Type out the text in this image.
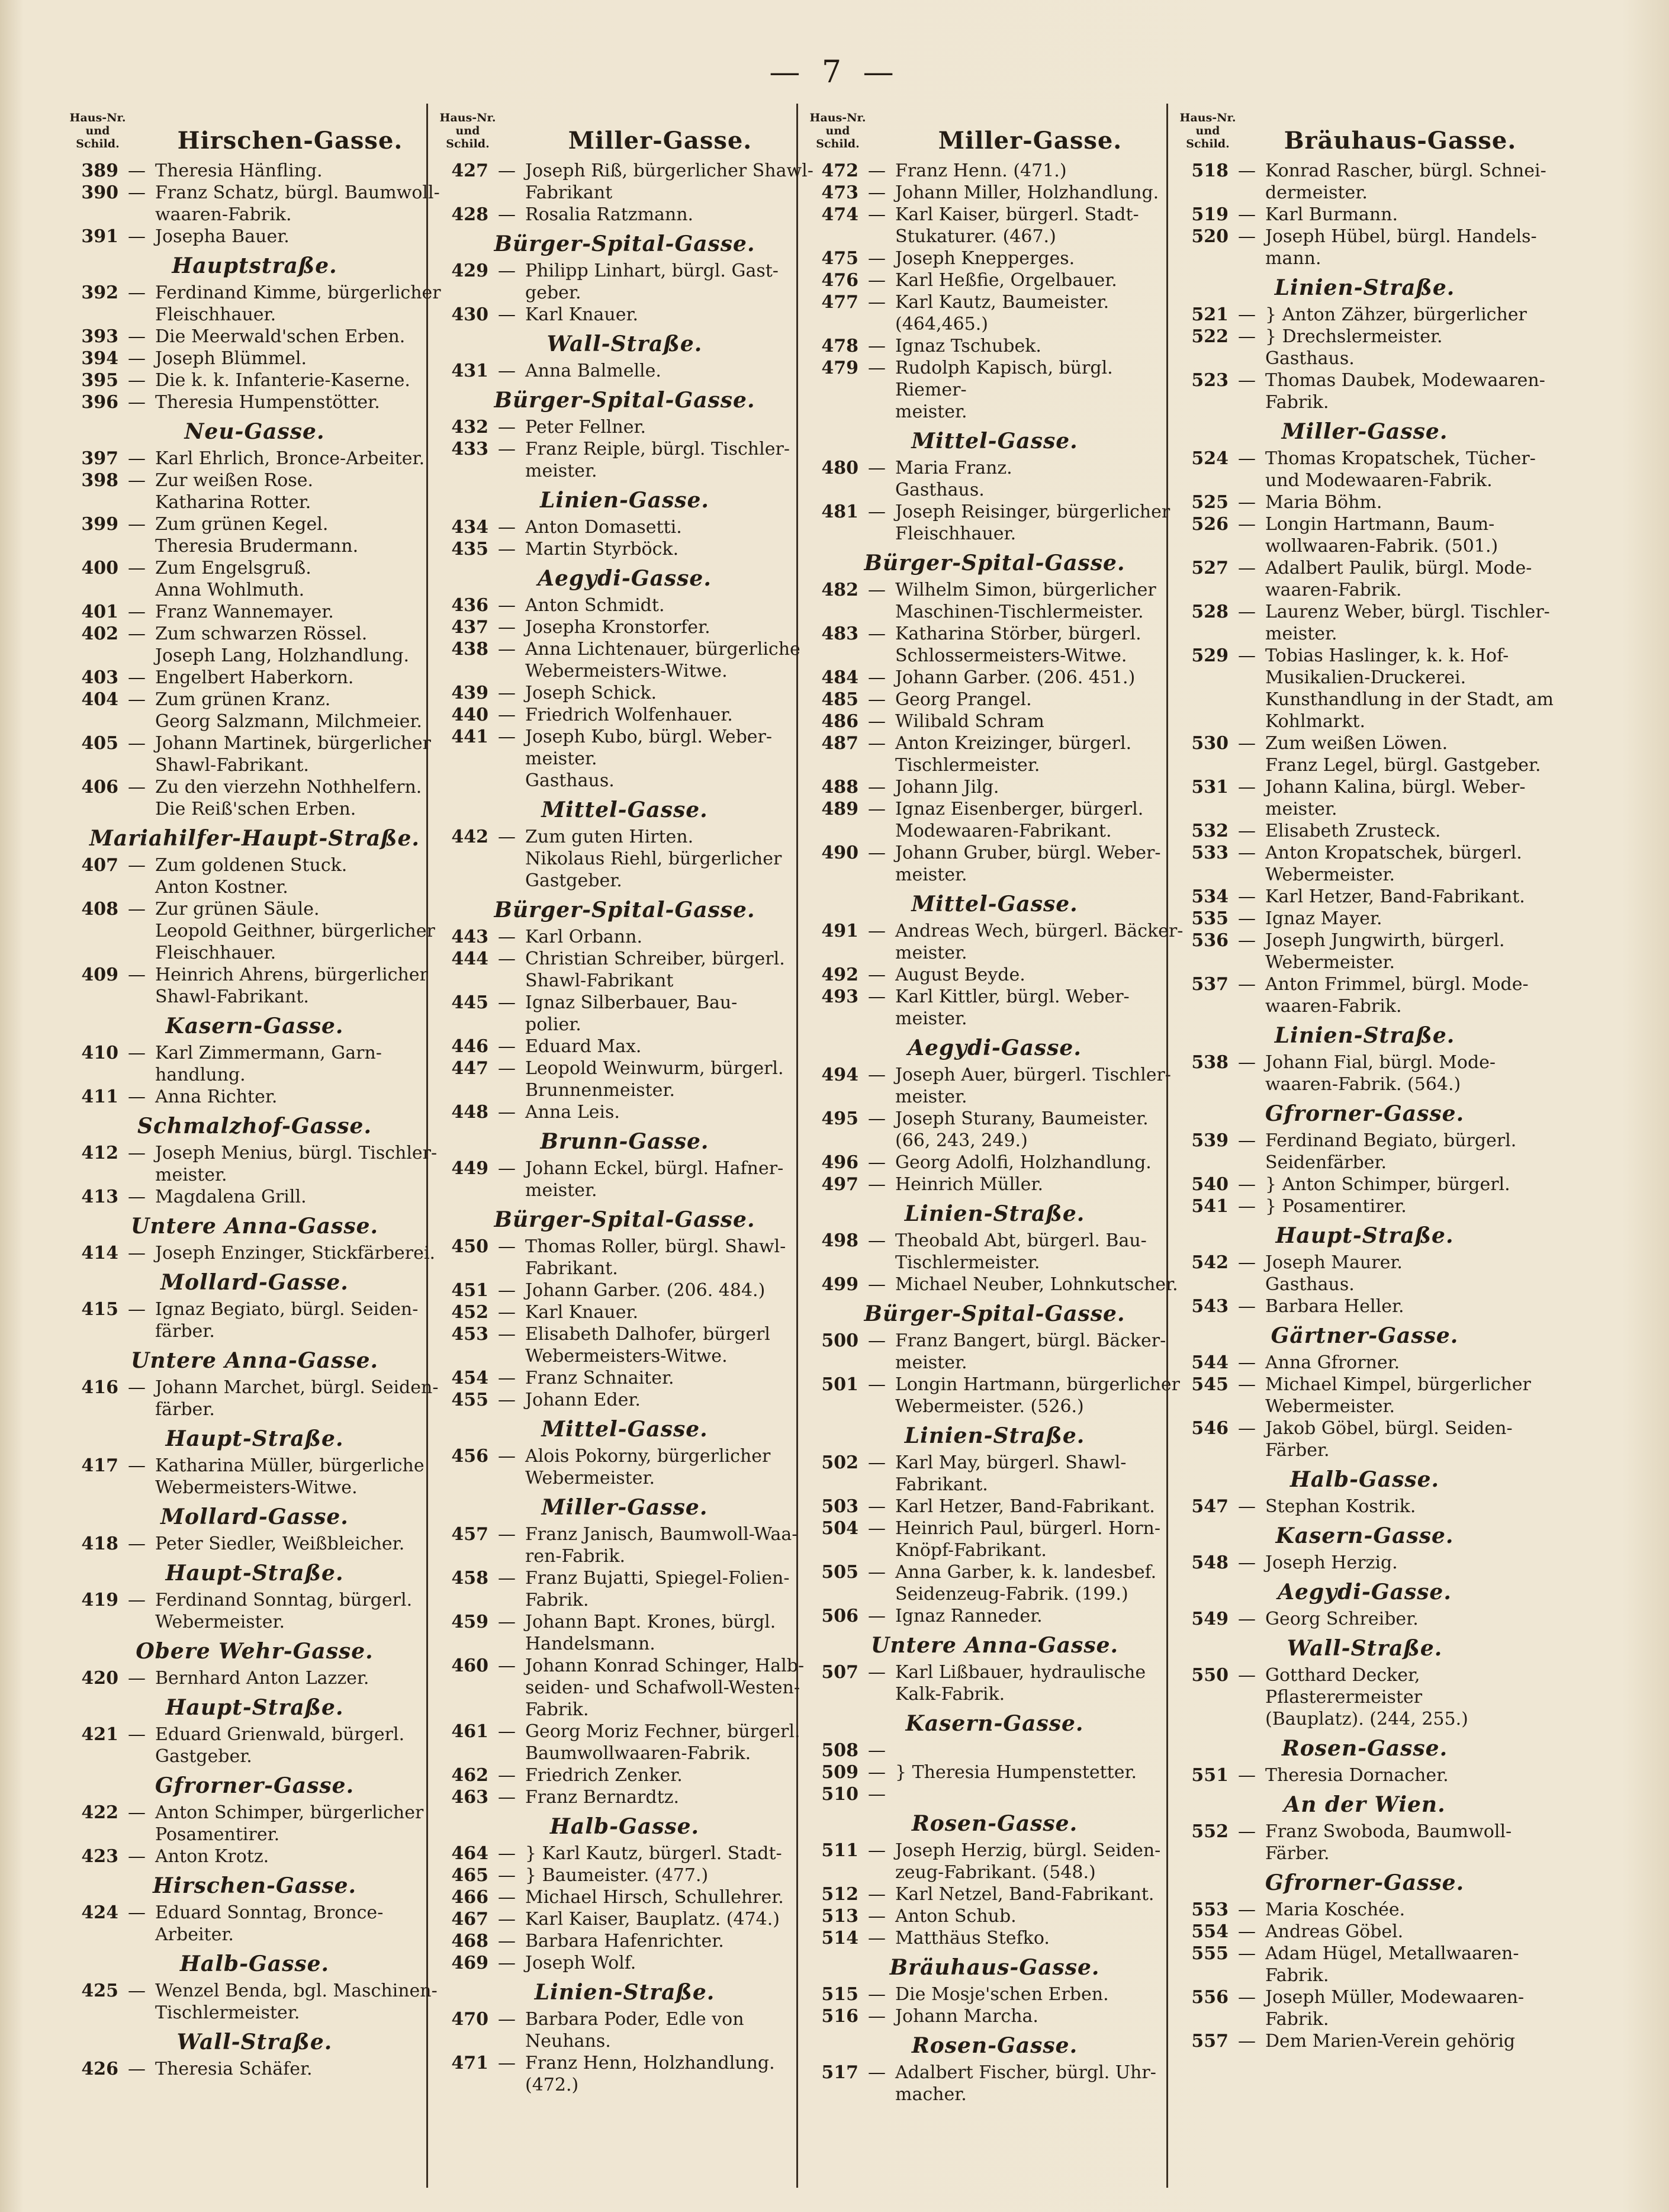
— 7 —
Haus-Nr. und Schild.	Hirschen-Gasse.
389 — Theresia Hänfling.
390 — Franz Schatz, bürgl. Baumwoll-
waaren-Fabrik.
391 — Josepha Bauer.
Hauptstraße.
392 — Ferdinand Kimme, bürgerlicher
Fleischhauer.
393 — Die Meerwald'schen Erben.
394 — Joseph Blümmel.
395 — Die k. k. Infanterie-Kaserne.
396 — Theresia Humpenstötter.
Neu-Gasse.
397 — Karl Ehrlich, Bronce-Arbeiter.
398 — Zur weißen Rose.
Katharina Rotter.
399 — Zum grünen Kegel.
Theresia Brudermann.
400 — Zum Engelsgruß.
Anna Wohlmuth.
401 — Franz Wannemayer.
402 — Zum schwarzen Rössel.
Joseph Lang, Holzhandlung.
403 — Engelbert Haberkorn.
404 — Zum grünen Kranz.
Georg Salzmann, Milchmeier.
405 — Johann Martinek, bürgerlicher
Shawl-Fabrikant.
406 — Zu den vierzehn Nothhelfern.
Die Reiß'schen Erben.
Mariahilfer-Haupt-Straße.
407 — Zum goldenen Stuck.
Anton Kostner.
408 — Zur grünen Säule.
Leopold Geithner, bürgerlicher
Fleischhauer.
409 — Heinrich Ahrens, bürgerlicher
Shawl-Fabrikant.
Kasern-Gasse.
410 — Karl Zimmermann, Garn-
handlung.
411 — Anna Richter.
Schmalzhof-Gasse.
412 — Joseph Menius, bürgl. Tischler-
meister.
413 — Magdalena Grill.
Untere Anna-Gasse.
414 — Joseph Enzinger, Stickfärberei.
Mollard-Gasse.
415 — Ignaz Begiato, bürgl. Seiden-
färber.
Untere Anna-Gasse.
416 — Johann Marchet, bürgl. Seiden-
färber.
Haupt-Straße.
417 — Katharina Müller, bürgerliche
Webermeisters-Witwe.
Mollard-Gasse.
418 — Peter Siedler, Weißbleicher.
Haupt-Straße.
419 — Ferdinand Sonntag, bürgerl.
Webermeister.
Obere Wehr-Gasse.
420 — Bernhard Anton Lazzer.
Haupt-Straße.
421 — Eduard Grienwald, bürgerl.
Gastgeber.
Gfrorner-Gasse.
422 — Anton Schimper, bürgerlicher
Posamentirer.
423 — Anton Krotz.
Hirschen-Gasse.
424 — Eduard Sonntag, Bronce-
Arbeiter.
Halb-Gasse.
425 — Wenzel Benda, bgl. Maschinen-
Tischlermeister.
Wall-Straße.
426 — Theresia Schäfer.
Haus-Nr. und Schild.	Miller-Gasse.
427 — Joseph Riß, bürgerlicher Shawl-
Fabrikant
428 — Rosalia Ratzmann.
Bürger-Spital-Gasse.
429 — Philipp Linhart, bürgl. Gast-
geber.
430 — Karl Knauer.
Wall-Straße.
431 — Anna Balmelle.
Bürger-Spital-Gasse.
432 — Peter Fellner.
433 — Franz Reiple, bürgl. Tischler-
meister.
Linien-Gasse.
434 — Anton Domasetti.
435 — Martin Styrböck.
Aegydi-Gasse.
436 — Anton Schmidt.
437 — Josepha Kronstorfer.
438 — Anna Lichtenauer, bürgerliche
Webermeisters-Witwe.
439 — Joseph Schick.
440 — Friedrich Wolfenhauer.
441 — Joseph Kubo, bürgl. Weber-
meister.
Gasthaus.
Mittel-Gasse.
442 — Zum guten Hirten.
Nikolaus Riehl, bürgerlicher
Gastgeber.
Bürger-Spital-Gasse.
443 — Karl Orbann.
444 — Christian Schreiber, bürgerl.
Shawl-Fabrikant
445 — Ignaz Silberbauer, Bau-
polier.
446 — Eduard Max.
447 — Leopold Weinwurm, bürgerl.
Brunnenmeister.
448 — Anna Leis.
Brunn-Gasse.
449 — Johann Eckel, bürgl. Hafner-
meister.
Bürger-Spital-Gasse.
450 — Thomas Roller, bürgl. Shawl-
Fabrikant.
451 — Johann Garber. (206. 484.)
452 — Karl Knauer.
453 — Elisabeth Dalhofer, bürgerl
Webermeisters-Witwe.
454 — Franz Schnaiter.
455 — Johann Eder.
Mittel-Gasse.
456 — Alois Pokorny, bürgerlicher
Webermeister.
Miller-Gasse.
457 — Franz Janisch, Baumwoll-Waa-
ren-Fabrik.
458 — Franz Bujatti, Spiegel-Folien-
Fabrik.
459 — Johann Bapt. Krones, bürgl.
Handelsmann.
460 — Johann Konrad Schinger, Halb-
seiden- und Schafwoll-Westen-
Fabrik.
461 — Georg Moriz Fechner, bürgerl.
Baumwollwaaren-Fabrik.
462 — Friedrich Zenker.
463 — Franz Bernardtz.
Halb-Gasse.
464 — } Karl Kautz, bürgerl. Stadt-
465 — } Baumeister. (477.)
466 — Michael Hirsch, Schullehrer.
467 — Karl Kaiser, Bauplatz. (474.)
468 — Barbara Hafenrichter.
469 — Joseph Wolf.
Linien-Straße.
470 — Barbara Poder, Edle von
Neuhans.
471 — Franz Henn, Holzhandlung. (472.)
Haus-Nr. und Schild.	Miller-Gasse.
472 — Franz Henn. (471.)
473 — Johann Miller, Holzhandlung.
474 — Karl Kaiser, bürgerl. Stadt-
Stukaturer. (467.)
475 — Joseph Knepperges.
476 — Karl Heßfie, Orgelbauer.
477 — Karl Kautz, Baumeister. (464,465.)
478 — Ignaz Tschubek.
479 — Rudolph Kapisch, bürgl. Riemer-
meister.
Mittel-Gasse.
480 — Maria Franz.
Gasthaus.
481 — Joseph Reisinger, bürgerlicher
Fleischhauer.
Bürger-Spital-Gasse.
482 — Wilhelm Simon, bürgerlicher
Maschinen-Tischlermeister.
483 — Katharina Störber, bürgerl.
Schlossermeisters-Witwe.
484 — Johann Garber. (206. 451.)
485 — Georg Prangel.
486 — Wilibald Schram
487 — Anton Kreizinger, bürgerl.
Tischlermeister.
488 — Johann Jilg.
489 — Ignaz Eisenberger, bürgerl.
Modewaaren-Fabrikant.
490 — Johann Gruber, bürgl. Weber-
meister.
Mittel-Gasse.
491 — Andreas Wech, bürgerl. Bäcker-
meister.
492 — August Beyde.
493 — Karl Kittler, bürgl. Weber-
meister.
Aegydi-Gasse.
494 — Joseph Auer, bürgerl. Tischler-
meister.
495 — Joseph Sturany, Baumeister.
(66, 243, 249.)
496 — Georg Adolfi, Holzhandlung.
497 — Heinrich Müller.
Linien-Straße.
498 — Theobald Abt, bürgerl. Bau-
Tischlermeister.
499 — Michael Neuber, Lohnkutscher.
Bürger-Spital-Gasse.
500 — Franz Bangert, bürgl. Bäcker-
meister.
501 — Longin Hartmann, bürgerlicher
Webermeister. (526.)
Linien-Straße.
502 — Karl May, bürgerl. Shawl-
Fabrikant.
503 — Karl Hetzer, Band-Fabrikant.
504 — Heinrich Paul, bürgerl. Horn-
Knöpf-Fabrikant.
505 — Anna Garber, k. k. landesbef.
Seidenzeug-Fabrik. (199.)
506 — Ignaz Ranneder.
Untere Anna-Gasse.
507 — Karl Lißbauer, hydraulische
Kalk-Fabrik.
Kasern-Gasse.
508 —
509 — } Theresia Humpenstetter.
510 —
Rosen-Gasse.
511 — Joseph Herzig, bürgl. Seiden-
zeug-Fabrikant. (548.)
512 — Karl Netzel, Band-Fabrikant.
513 — Anton Schub.
514 — Matthäus Stefko.
Bräuhaus-Gasse.
515 — Die Mosje'schen Erben.
516 — Johann Marcha.
Rosen-Gasse.
517 — Adalbert Fischer, bürgl. Uhr-
macher.
Haus-Nr. und Schild.	Bräuhaus-Gasse.
518 — Konrad Rascher, bürgl. Schnei-
dermeister.
519 — Karl Burmann.
520 — Joseph Hübel, bürgl. Handels-
mann.
Linien-Straße.
521 — } Anton Zähzer, bürgerlicher
522 — } Drechslermeister.
Gasthaus.
523 — Thomas Daubek, Modewaaren-
Fabrik.
Miller-Gasse.
524 — Thomas Kropatschek, Tücher-
und Modewaaren-Fabrik.
525 — Maria Böhm.
526 — Longin Hartmann, Baum-
wollwaaren-Fabrik. (501.)
527 — Adalbert Paulik, bürgl. Mode-
waaren-Fabrik.
528 — Laurenz Weber, bürgl. Tischler-
meister.
529 — Tobias Haslinger, k. k. Hof-
Musikalien-Druckerei.
Kunsthandlung in der Stadt, am
Kohlmarkt.
530 — Zum weißen Löwen.
Franz Legel, bürgl. Gastgeber.
531 — Johann Kalina, bürgl. Weber-
meister.
532 — Elisabeth Zrusteck.
533 — Anton Kropatschek, bürgerl.
Webermeister.
534 — Karl Hetzer, Band-Fabrikant.
535 — Ignaz Mayer.
536 — Joseph Jungwirth, bürgerl.
Webermeister.
537 — Anton Frimmel, bürgl. Mode-
waaren-Fabrik.
Linien-Straße.
538 — Johann Fial, bürgl. Mode-
waaren-Fabrik. (564.)
Gfrorner-Gasse.
539 — Ferdinand Begiato, bürgerl.
Seidenfärber.
540 — } Anton Schimper, bürgerl.
541 — } Posamentirer.
Haupt-Straße.
542 — Joseph Maurer.
Gasthaus.
543 — Barbara Heller.
Gärtner-Gasse.
544 — Anna Gfrorner.
545 — Michael Kimpel, bürgerlicher
Webermeister.
546 — Jakob Göbel, bürgl. Seiden-
Färber.
Halb-Gasse.
547 — Stephan Kostrik.
Kasern-Gasse.
548 — Joseph Herzig.
Aegydi-Gasse.
549 — Georg Schreiber.
Wall-Straße.
550 — Gotthard Decker, Pflasterermeister
(Bauplatz). (244, 255.)
Rosen-Gasse.
551 — Theresia Dornacher.
An der Wien.
552 — Franz Swoboda, Baumwoll-
Färber.
Gfrorner-Gasse.
553 — Maria Koschée.
554 — Andreas Göbel.
555 — Adam Hügel, Metallwaaren-
Fabrik.
556 — Joseph Müller, Modewaaren-
Fabrik.
557 — Dem Marien-Verein gehörig
